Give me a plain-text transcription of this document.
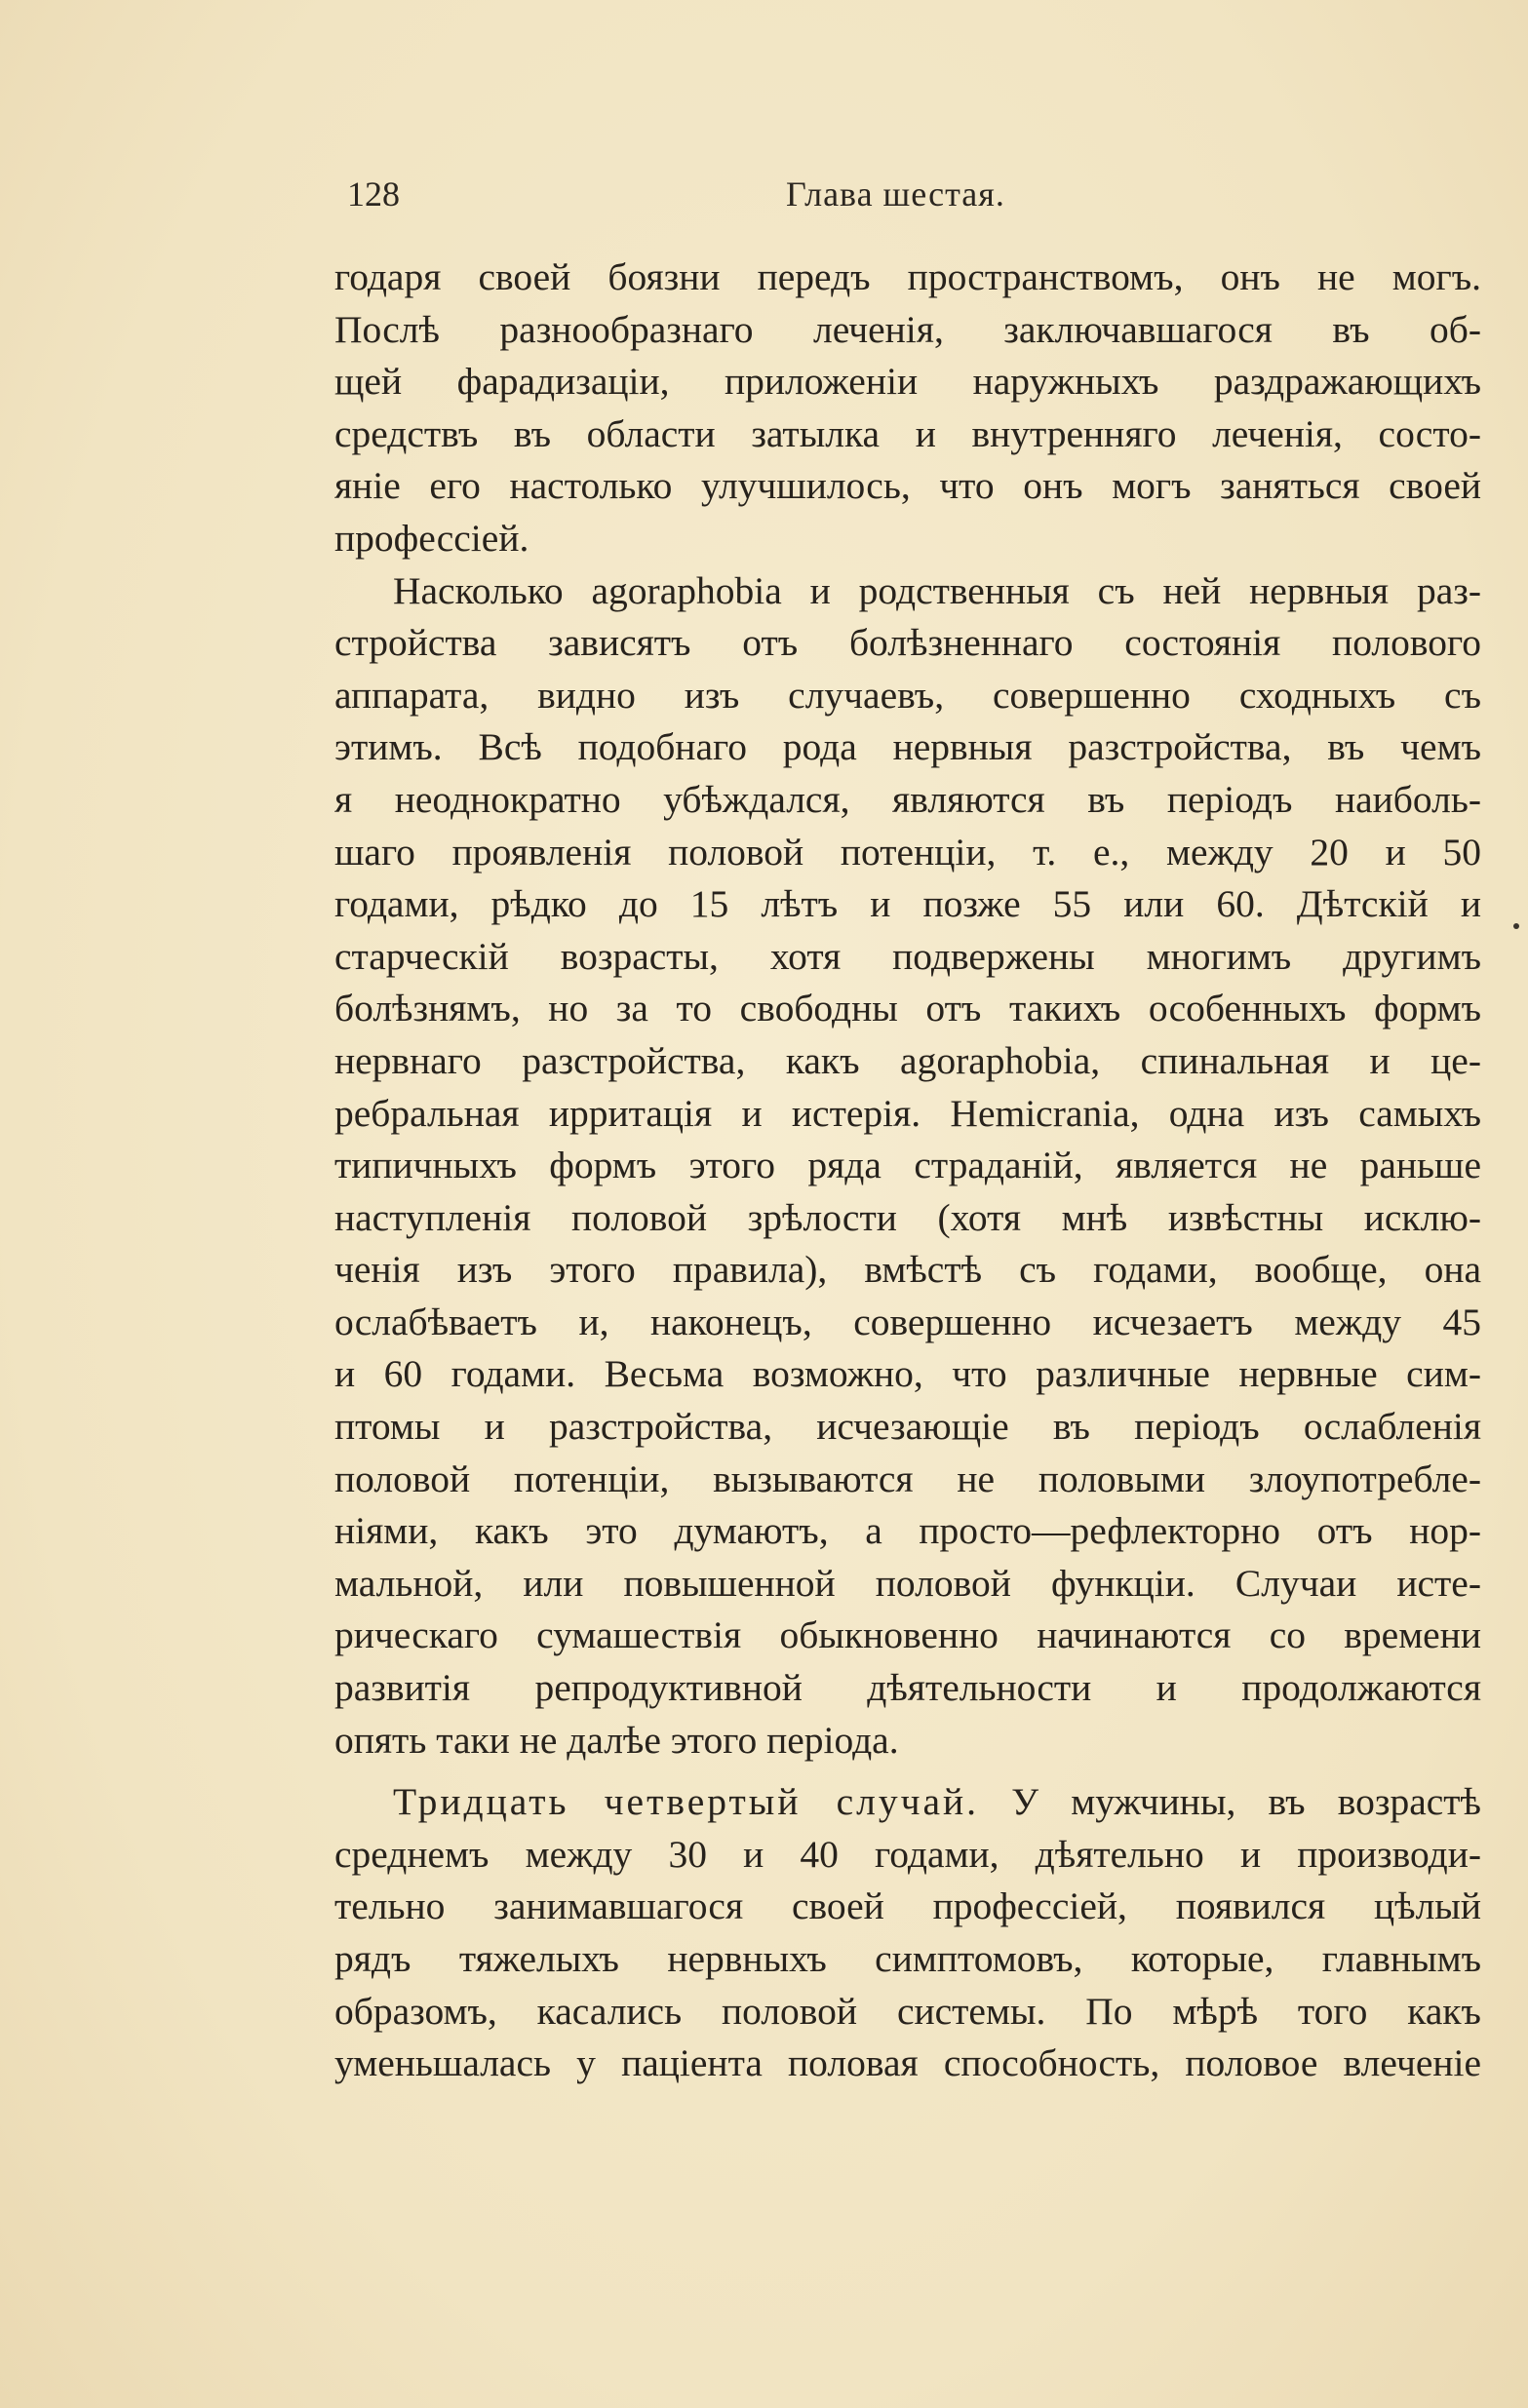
128	Глава шестая.
годаря своей боязни передъ пространствомъ, онъ не могъ.
Послѣ разнообразнаго леченія, заключавшагося въ об-
щей фарадизаціи, приложеніи наружныхъ раздражающихъ
средствъ въ области затылка и внутренняго леченія, состо-
яніе его настолько улучшилось, что онъ могъ заняться своей
профессіей.
Насколько agoraphobia и родственныя съ ней нервныя раз-
стройства зависятъ отъ болѣзненнаго состоянія полового
аппарата, видно изъ случаевъ, совершенно сходныхъ съ
этимъ. Всѣ подобнаго рода нервныя разстройства, въ чемъ
я неоднократно убѣждался, являются въ періодъ наиболь-
шаго проявленія половой потенціи, т. е., между 20 и 50
годами, рѣдко до 15 лѣтъ и позже 55 или 60. Дѣтскій и
старческій возрасты, хотя подвержены многимъ другимъ
болѣзнямъ, но за то свободны отъ такихъ особенныхъ формъ
нервнаго разстройства, какъ agoraphobia, спинальная и це-
ребральная ирритація и истерія. Hemicrania, одна изъ самыхъ
типичныхъ формъ этого ряда страданій, является не раньше
наступленія половой зрѣлости (хотя мнѣ извѣстны исклю-
ченія изъ этого правила), вмѣстѣ съ годами, вообще, она
ослабѣваетъ и, наконецъ, совершенно исчезаетъ между 45
и 60 годами. Весьма возможно, что различные нервные сим-
птомы и разстройства, исчезающіе въ періодъ ослабленія
половой потенціи, вызываются не половыми злоупотребле-
ніями, какъ это думаютъ, а просто—рефлекторно отъ нор-
мальной, или повышенной половой функціи. Случаи исте-
рическаго сумашествія обыкновенно начинаются со времени
развитія репродуктивной дѣятельности и продолжаются
опять таки не далѣе этого періода.
Тридцать четвертый случай. У мужчины, въ возрастѣ
среднемъ между 30 и 40 годами, дѣятельно и производи-
тельно занимавшагося своей профессіей, появился цѣлый
рядъ тяжелыхъ нервныхъ симптомовъ, которые, главнымъ
образомъ, касались половой системы. По мѣрѣ того какъ
уменьшалась у паціента половая способность, половое влеченіе
